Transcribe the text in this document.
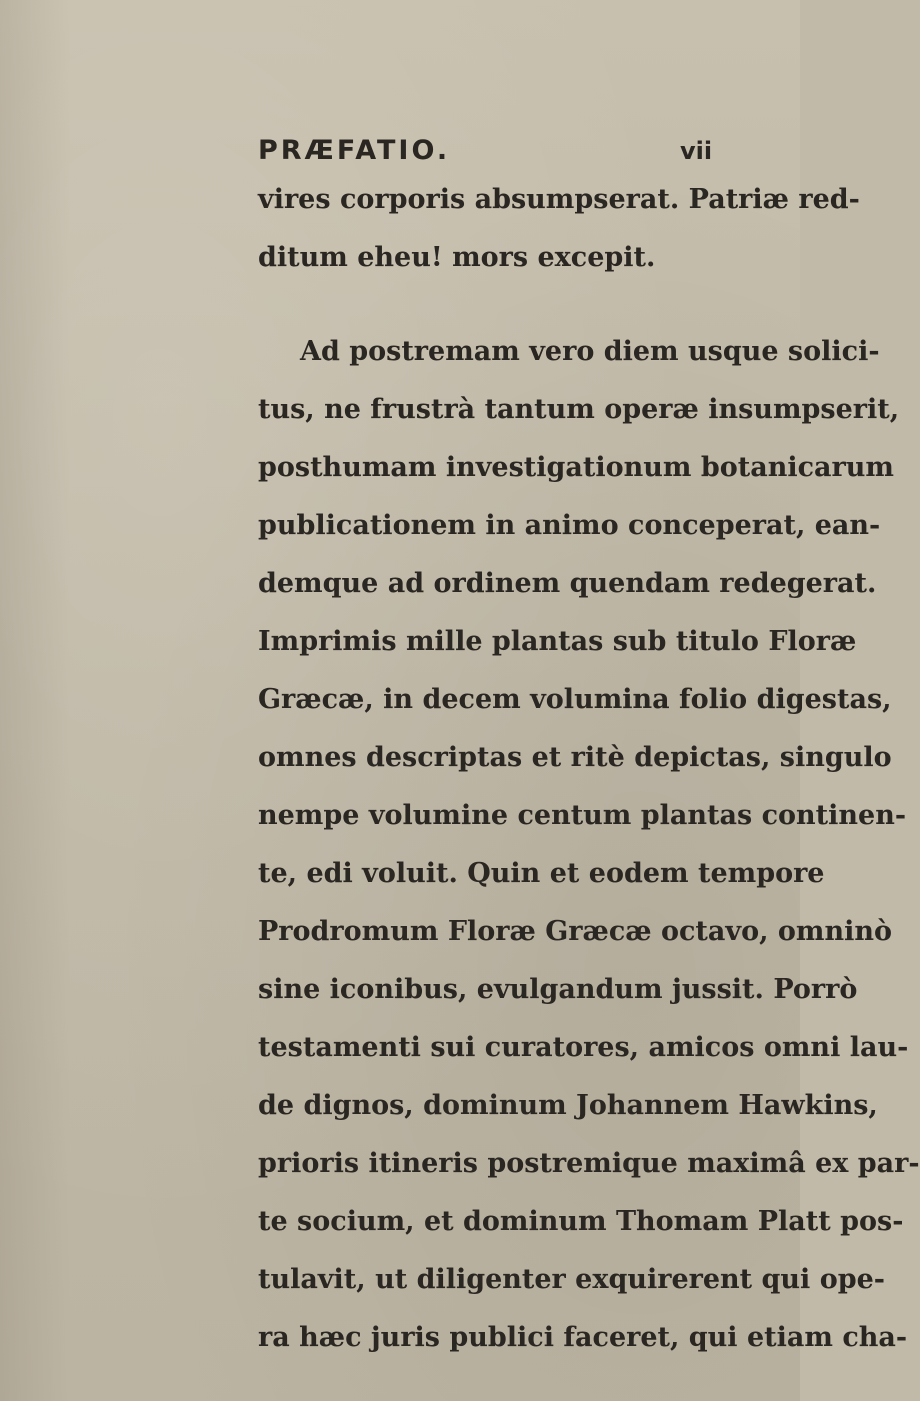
PRÆFATIO.	vii
vires corporis absumpserat. Patriæ red-
ditum eheu! mors excepit.
Ad postremam vero diem usque solici-
tus, ne frustrà tantum operæ insumpserit,
posthumam investigationum botanicarum
publicationem in animo conceperat, ean-
demque ad ordinem quendam redegerat.
Imprimis mille plantas sub titulo Floræ
Græcæ, in decem volumina folio digestas,
omnes descriptas et ritè depictas, singulo
nempe volumine centum plantas continen-
te, edi voluit. Quin et eodem tempore
Prodromum Floræ Græcæ octavo, omninò
sine iconibus, evulgandum jussit. Porrò
testamenti sui curatores, amicos omni lau-
de dignos, dominum Johannem Hawkins,
prioris itineris postremique maximâ ex par-
te socium, et dominum Thomam Platt pos-
tulavit, ut diligenter exquirerent qui ope-
ra hæc juris publici faceret, qui etiam cha-
